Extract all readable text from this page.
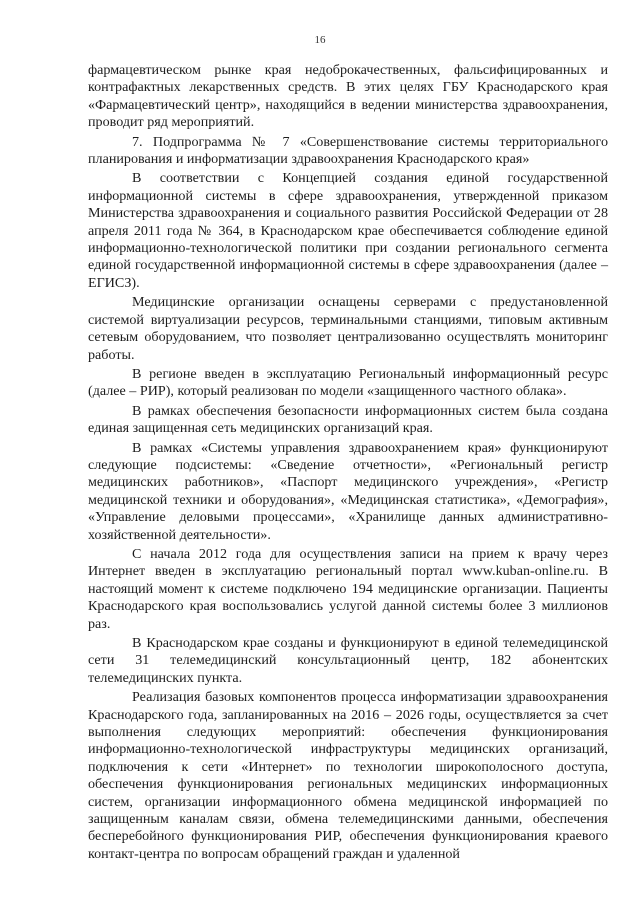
16

фармацевтическом рынке края недоброкачественных, фальсифицированных и контрафактных лекарственных средств. В этих целях ГБУ Краснодарского края «Фармацевтический центр», находящийся в ведении министерства здравоохранения, проводит ряд мероприятий.

7. Подпрограмма № 7 «Совершенствование системы территориального планирования и информатизации здравоохранения Краснодарского края»

В соответствии с Концепцией создания единой государственной информационной системы в сфере здравоохранения, утвержденной приказом Министерства здравоохранения и социального развития Российской Федерации от 28 апреля 2011 года № 364, в Краснодарском крае обеспечивается соблюдение единой информационно-технологической политики при создании регионального сегмента единой государственной информационной системы в сфере здравоохранения (далее – ЕГИСЗ).

Медицинские организации оснащены серверами с предустановленной системой виртуализации ресурсов, терминальными станциями, типовым активным сетевым оборудованием, что позволяет централизованно осуществлять мониторинг работы.

В регионе введен в эксплуатацию Региональный информационный ресурс (далее – РИР), который реализован по модели «защищенного частного облака».

В рамках обеспечения безопасности информационных систем была создана единая защищенная сеть медицинских организаций края.

В рамках «Системы управления здравоохранением края» функционируют следующие подсистемы: «Сведение отчетности», «Региональный регистр медицинских работников», «Паспорт медицинского учреждения», «Регистр медицинской техники и оборудования», «Медицинская статистика», «Демография», «Управление деловыми процессами», «Хранилище данных административно-хозяйственной деятельности».

С начала 2012 года для осуществления записи на прием к врачу через Интернет введен в эксплуатацию региональный портал www.kuban-online.ru. В настоящий момент к системе подключено 194 медицинские организации. Пациенты Краснодарского края воспользовались услугой данной системы более 3 миллионов раз.

В Краснодарском крае созданы и функционируют в единой телемедицинской сети 31 телемедицинский консультационный центр, 182 абонентских телемедицинских пункта.

Реализация базовых компонентов процесса информатизации здравоохранения Краснодарского года, запланированных на 2016 – 2026 годы, осуществляется за счет выполнения следующих мероприятий: обеспечения функционирования информационно-технологической инфраструктуры медицинских организаций, подключения к сети «Интернет» по технологии широкополосного доступа, обеспечения функционирования региональных медицинских информационных систем, организации информационного обмена медицинской информацией по защищенным каналам связи, обмена телемедицинскими данными, обеспечения бесперебойного функционирования РИР, обеспечения функционирования краевого контакт-центра по вопросам обращений граждан и удаленной
